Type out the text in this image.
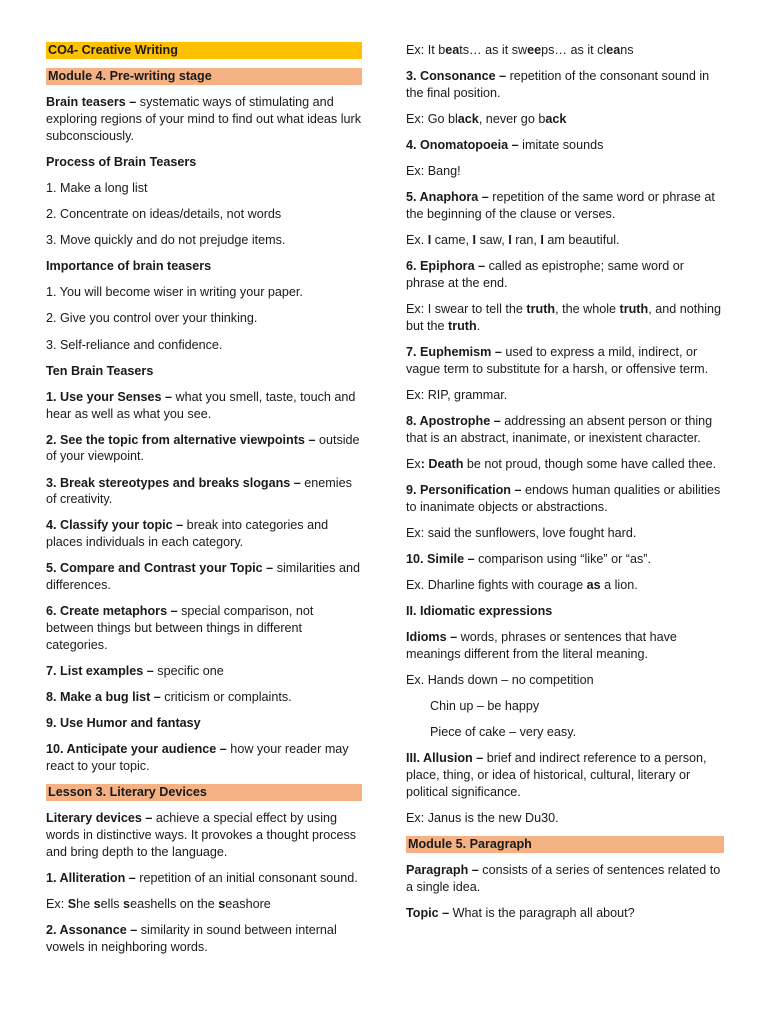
CO4- Creative Writing
Module 4. Pre-writing stage
Brain teasers – systematic ways of stimulating and exploring regions of your mind to find out what ideas lurk subconsciously.
Process of Brain Teasers
1. Make a long list
2. Concentrate on ideas/details, not words
3. Move quickly and do not prejudge items.
Importance of brain teasers
1. You will become wiser in writing your paper.
2. Give you control over your thinking.
3. Self-reliance and confidence.
Ten Brain Teasers
1. Use your Senses – what you smell, taste, touch and hear as well as what you see.
2. See the topic from alternative viewpoints – outside of your viewpoint.
3. Break stereotypes and breaks slogans – enemies of creativity.
4. Classify your topic – break into categories and places individuals in each category.
5. Compare and Contrast your Topic – similarities and differences.
6. Create metaphors – special comparison, not between things but between things in different categories.
7. List examples – specific one
8. Make a bug list – criticism or complaints.
9. Use Humor and fantasy
10. Anticipate your audience – how your reader may react to your topic.
Lesson 3. Literary Devices
Literary devices – achieve a special effect by using words in distinctive ways. It provokes a thought process and bring depth to the language.
1. Alliteration – repetition of an initial consonant sound.
Ex: She sells seashells on the seashore
2. Assonance – similarity in sound between internal vowels in neighboring words.
Ex: It beats… as it sweeps… as it cleans
3. Consonance – repetition of the consonant sound in the final position.
Ex: Go black, never go back
4. Onomatopoeia – imitate sounds
Ex: Bang!
5. Anaphora – repetition of the same word or phrase at the beginning of the clause or verses.
Ex. I came, I saw, I ran, I am beautiful.
6. Epiphora – called as epistrophe; same word or phrase at the end.
Ex: I swear to tell the truth, the whole truth, and nothing but the truth.
7. Euphemism – used to express a mild, indirect, or vague term to substitute for a harsh, or offensive term.
Ex: RIP, grammar.
8. Apostrophe – addressing an absent person or thing that is an abstract, inanimate, or inexistent character.
Ex: Death be not proud, though some have called thee.
9. Personification – endows human qualities or abilities to inanimate objects or abstractions.
Ex: said the sunflowers, love fought hard.
10. Simile – comparison using “like” or “as”.
Ex. Dharline fights with courage as a lion.
II. Idiomatic expressions
Idioms – words, phrases or sentences that have meanings different from the literal meaning.
Ex. Hands down – no competition
Chin up – be happy
Piece of cake – very easy.
III. Allusion – brief and indirect reference to a person, place, thing, or idea of historical, cultural, literary or political significance.
Ex: Janus is the new Du30.
Module 5. Paragraph
Paragraph – consists of a series of sentences related to a single idea.
Topic – What is the paragraph all about?
